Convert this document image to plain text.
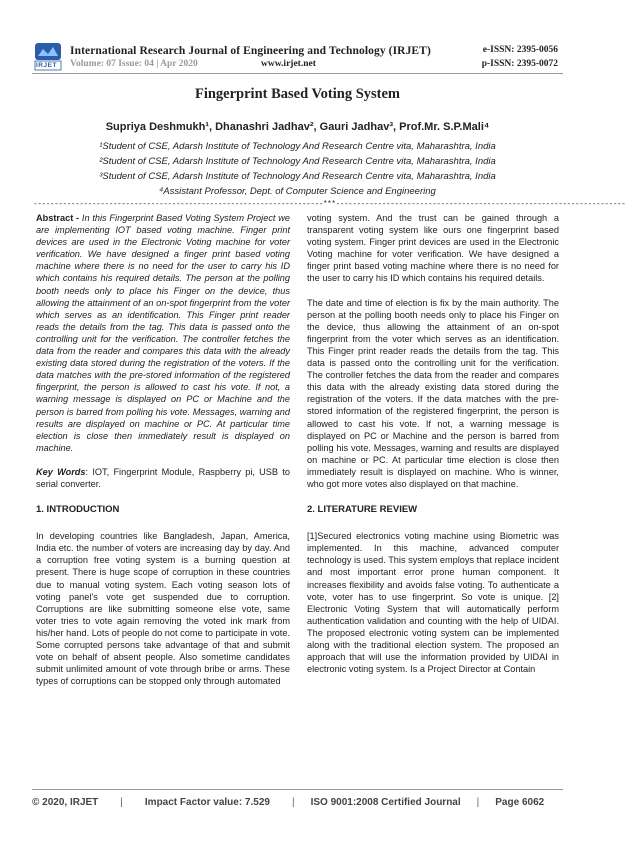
IRJET
International Research Journal of Engineering and Technology (IRJET)	e-ISSN: 2395-0056
Volume: 07 Issue: 04 | Apr 2020	www.irjet.net	p-ISSN: 2395-0072
Fingerprint Based Voting System
Supriya Deshmukh¹, Dhanashri Jadhav², Gauri Jadhav³, Prof.Mr. S.P.Mali⁴
¹Student of CSE, Adarsh Institute of Technology And Research Centre vita, Maharashtra, India
²Student of CSE, Adarsh Institute of Technology And Research Centre vita, Maharashtra, India
³Student of CSE, Adarsh Institute of Technology And Research Centre vita, Maharashtra, India
⁴Assistant Professor, Dept. of Computer Science and Engineering
---------------------------------------------------------------------***---------------------------------------------------------------------

Abstract - In this Fingerprint Based Voting System Project we are implementing IOT based voting machine. Finger print devices are used in the Electronic Voting machine for voter verification. We have designed a finger print based voting machine where there is no need for the user to carry his ID which contains his required details. The person at the polling booth needs only to place his Finger on the device, thus allowing the attainment of an on-spot fingerprint from the voter which serves as an identification. This Finger print reader reads the details from the tag. This data is passed onto the controlling unit for the verification. The controller fetches the data from the reader and compares this data with the already existing data stored during the registration of the voters. If the data matches with the pre-stored information of the registered fingerprint, the person is allowed to cast his vote. If not, a warning message is displayed on PC or Machine and the person is barred from polling his vote. Messages, warning and results are displayed on machine or PC. At particular time election is close then immediately result is displayed on machine.

Key Words: IOT, Fingerprint Module, Raspberry pi, USB to serial converter.

1. INTRODUCTION

In developing countries like Bangladesh, Japan, America, India etc. the number of voters are increasing day by day. And a corruption free voting system is a burning question at present. There is huge scope of corruption in these countries due to manual voting system. Each voting season lots of voting panel's vote get suspended due to corruption. Corruptions are like submitting someone else vote, same voter tries to vote again removing the voted ink mark from his/her hand. Lots of people do not come to participate in vote. Some corrupted persons take advantage of that and submit vote on behalf of absent people. Also sometime candidates submit unlimited amount of vote through bribe or arms. These types of corruptions can be stopped only through automated

voting system. And the trust can be gained through a transparent voting system like ours one fingerprint based voting system. Finger print devices are used in the Electronic Voting machine for voter verification. We have designed a finger print based voting machine where there is no need for the user to carry his ID which contains his required details.

The date and time of election is fix by the main authority. The person at the polling booth needs only to place his Finger on the device, thus allowing the attainment of an on-spot fingerprint from the voter which serves as an identification. This Finger print reader reads the details from the tag. This data is passed onto the controlling unit for the verification. The controller fetches the data from the reader and compares this data with the already existing data stored during the registration of the voters. If the data matches with the pre-stored information of the registered fingerprint, the person is allowed to cast his vote. If not, a warning message is displayed on PC or Machine and the person is barred from polling his vote. Messages, warning and results are displayed on machine or PC. At particular time election is close then immediately result is displayed on machine. Who is winner, who got more votes also displayed on that machine.

2. LITERATURE REVIEW

[1]Secured electronics voting machine using Biometric was implemented. In this machine, advanced computer technology is used. This system employs that replace incident and most important error prone human component. It increases flexibility and avoids false voting. To authenticate a vote, voter has to use fingerprint. So vote is unique. [2] Electronic Voting System that will automatically perform authentication validation and counting with the help of UIDAI. The proposed electronic voting system can be implemented along with the traditional election system. The proposed an approach that will use the information provided by UIDAI in electronic voting system. Is a Project Director at Contain

© 2020, IRJET | Impact Factor value: 7.529 | ISO 9001:2008 Certified Journal | Page 6062
